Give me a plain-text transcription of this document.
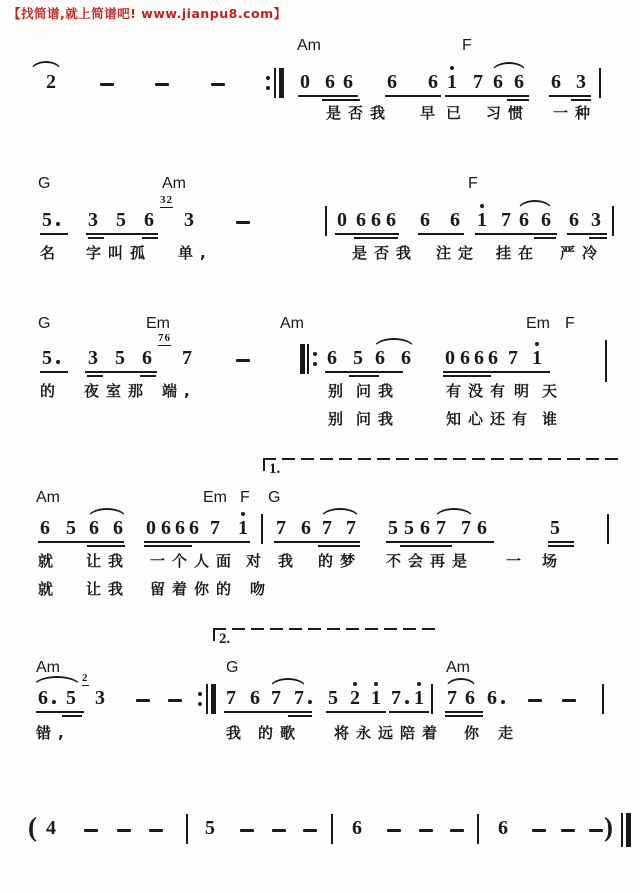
【找简谱,就上简谱吧! www.jianpu8.com】
Am	F
2	0 6 6 6 6 1 7 6 6 6 3
是否我 早 已 习惯 一种
G	Am	F
5 3 5 6
32
3	0 6 6 6 6 6 1 7 6 6 6 3
名 字叫孤 单,	是否我 注定 挂在 严冷
G	Em	Am	Em F
5 3 5 6
76
7	6 5 6 6 0 6 6 6 7 1
的 夜室那 端,	别 问我	有没有 明 天
别 问我	知心还有 谁
Am	Em F G
1.
6 5 6 6 0 6 6 6 7 1 7 6 7 7 5 5 6 7 7 6	5
就 让我 一个人面 对 我 的梦 不会再是 一 场
就 让我 留着你的 吻
Am	G	Am
2.
6 5
2
3	7 6 7 7 5 2 1 7 1 7 6 6
错,	我 的歌 将永远陪着 你 走
( 4	5	6	6	)
